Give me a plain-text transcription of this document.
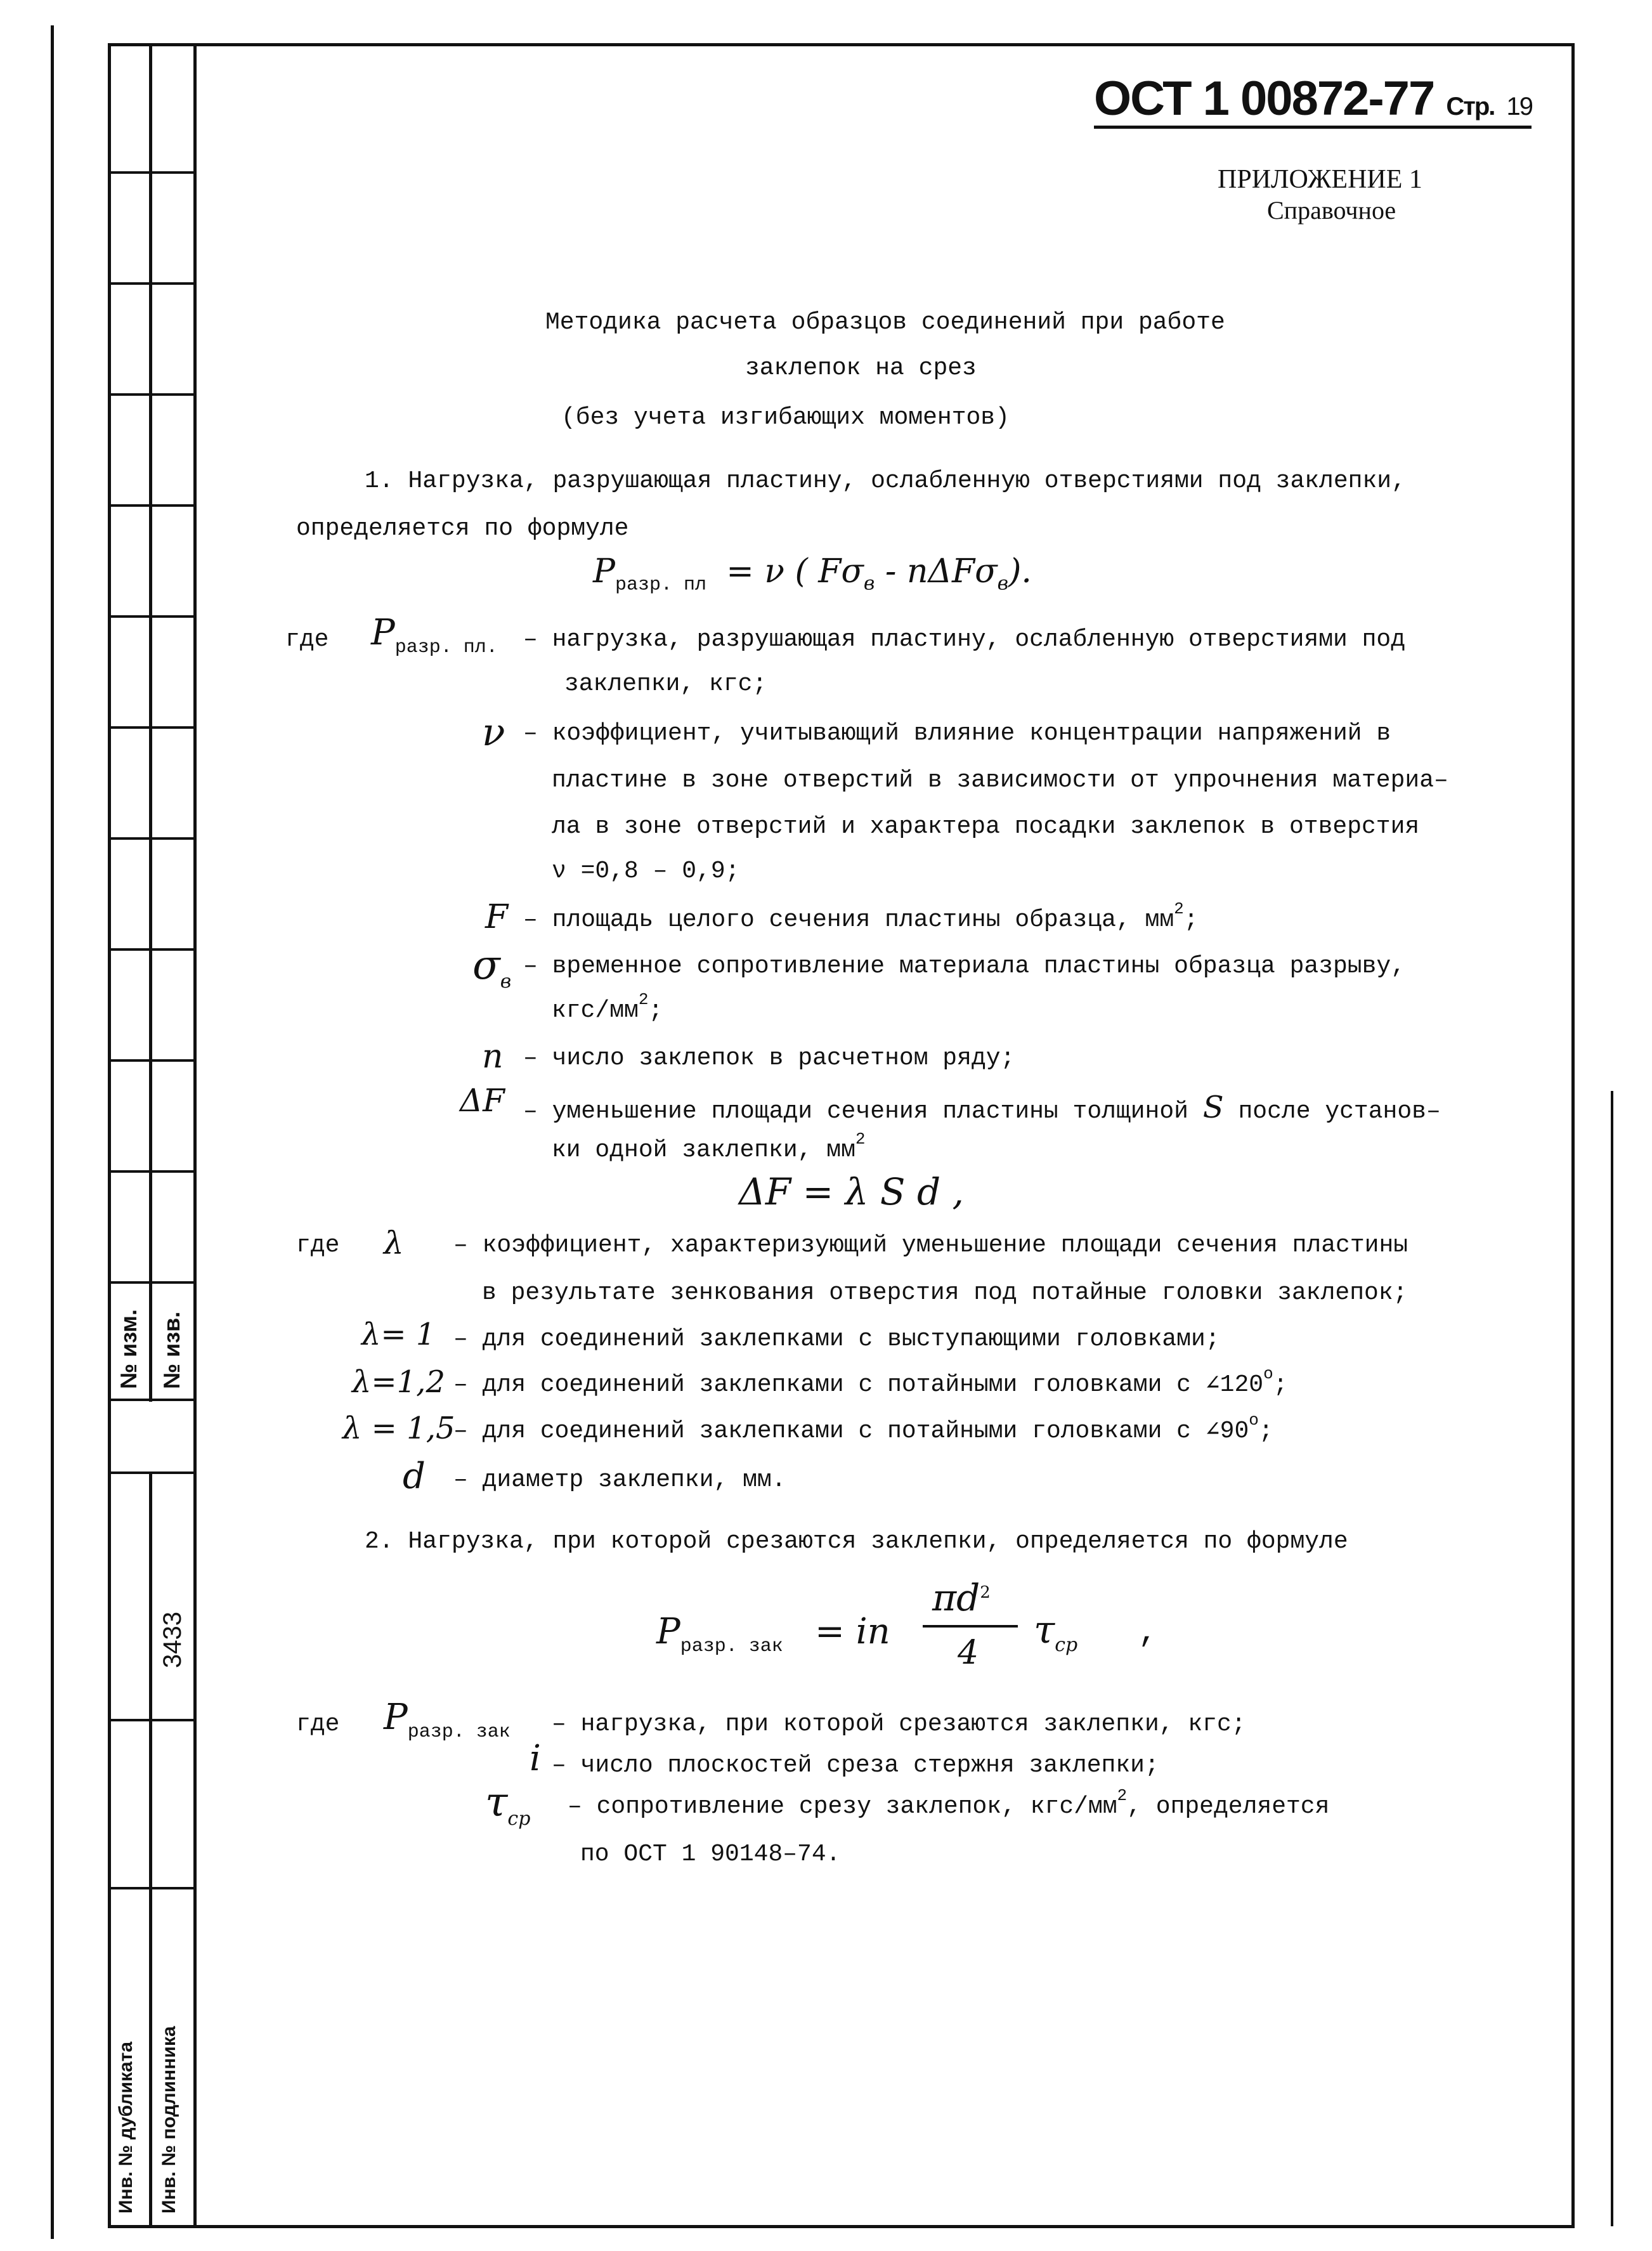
№ изм. № изв.
3433
Инв. № дубликата Инв. № подлинника
ОСТ 1 00872-77 Стр. 19
ПРИЛОЖЕНИЕ 1
Справочное
Методика расчета образцов соединений при работе
заклепок на срез
(без учета изгибающих моментов)
1. Нагрузка, разрушающая пластину, ослабленную отверстиями под заклепки,
определяется по формуле
$P_{разр. пл} = \nu$ ( $F\sigma_в - n\Delta F\sigma_в$).
где $P_{разр. пл.}$ – нагрузка, разрушающая пластину, ослабленную отверстиями под
заклепки, кгс;
ν – коэффициент, учитывающий влияние концентрации напряжений в
пластине в зоне отверстий в зависимости от упрочнения материа–
ла в зоне отверстий и характера посадки заклепок в отверстия
ν =0,8 – 0,9;
F – площадь целого сечения пластины образца, $мм^2$;
$\sigma_в$
– временное сопротивление материала пластины образца разрыву,
кгс/$мм^2$;
n – число заклепок в расчетном ряду;
ΔF – уменьшение площади сечения пластины толщиной S после установ–
ки одной заклепки, $мм^2$
ΔF = λ S d ,
где λ – коэффициент, характеризующий уменьшение площади сечения пластины
в результате зенкования отверстия под потайные головки заклепок;
λ= 1 – для соединений заклепками с выступающими головками;
λ=1,2 – для соединений заклепками с потайными головками с ∠120$^o$;
λ = 1,5
– для соединений заклепками с потайными головками с ∠90$^o$;
d – диаметр заклепки, мм.
2. Нагрузка, при которой срезаются заклепки, определяется по формуле
$P_{разр. зак}$ = in
$\pi d^2$
4
$\tau_{ср}$ ,
где $P_{разр. зак}$ – нагрузка, при которой срезаются заклепки, кгс;
i – число плоскостей среза стержня заклепки;
$\tau_{ср}$ – сопротивление срезу заклепок, кгс/$мм^2$, определяется
по ОСТ 1 90148–74.
